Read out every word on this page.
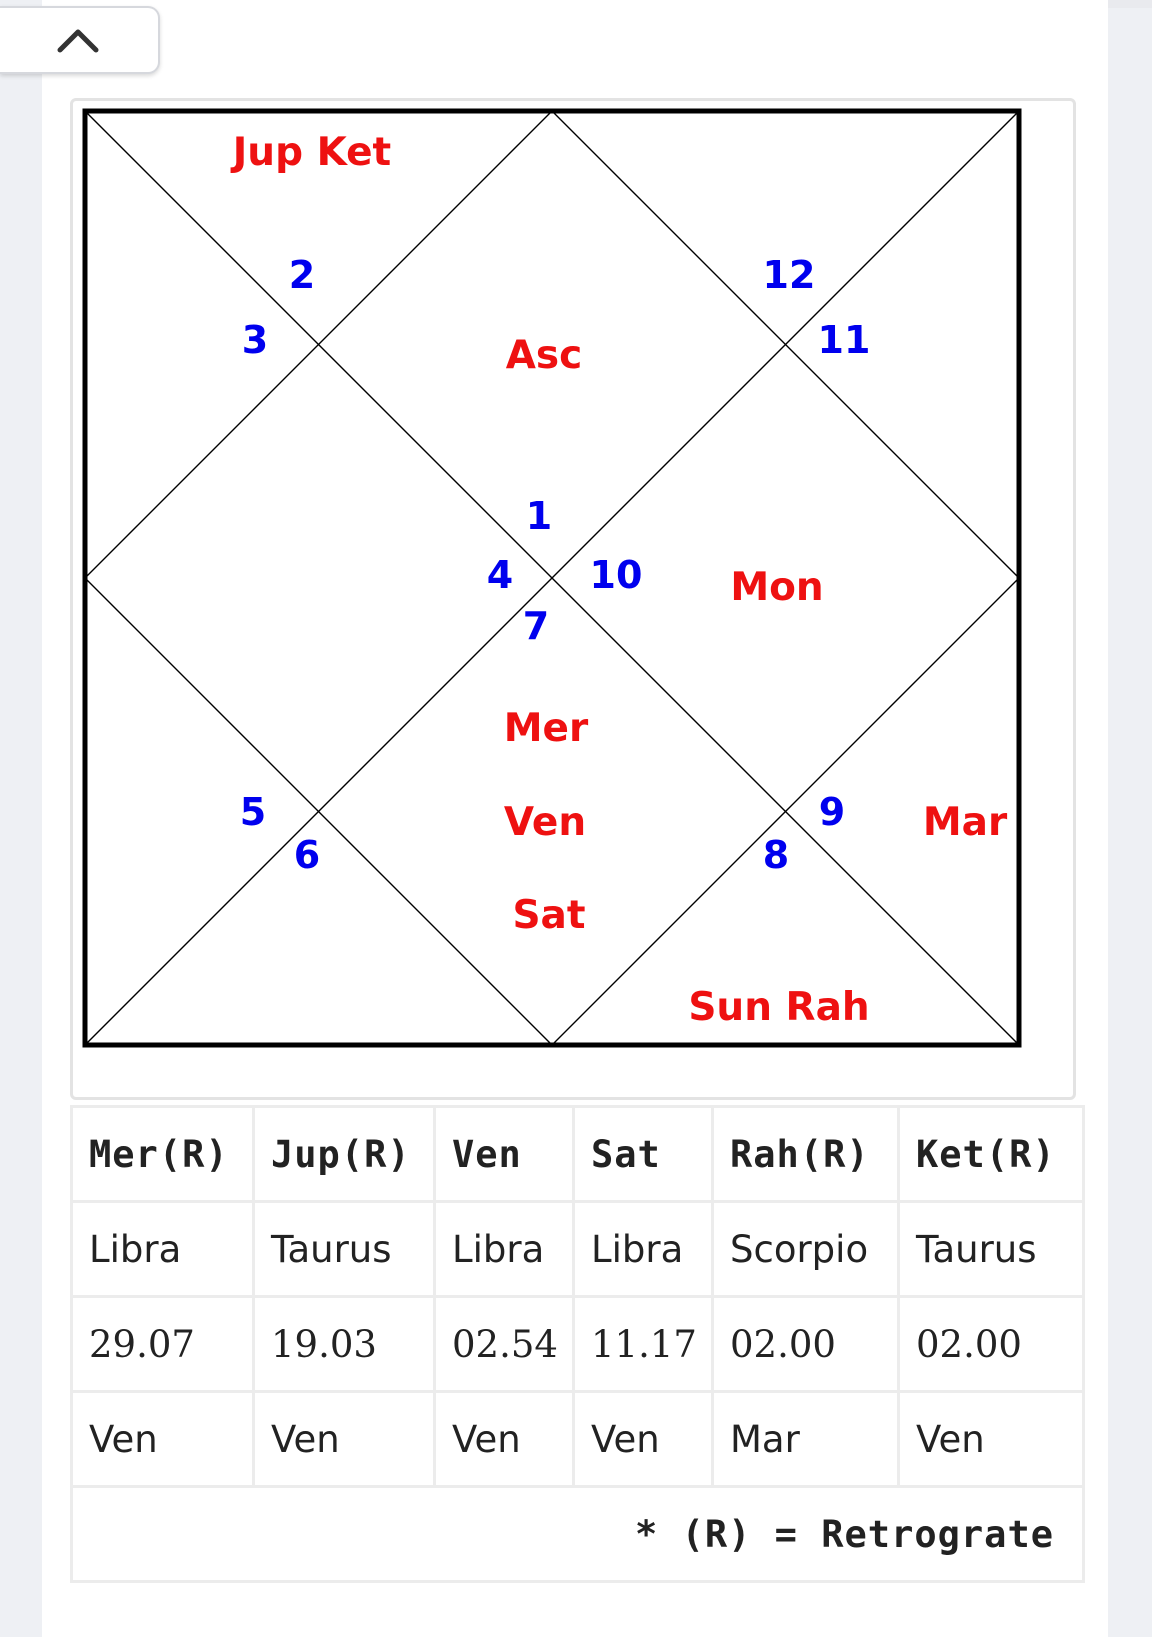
2
3
12
11
1
4 10
7
5
6
9
8
Jup Ket
Asc
Mon
Mer
Ven
Sat
Mar
Sun Rah
Mer(R)	Jup(R)	Ven	Sat	Rah(R)	Ket(R)
Libra	Taurus	Libra	Libra	Scorpio	Taurus
29.07	19.03	02.54	11.17	02.00	02.00
Ven	Ven	Ven	Ven	Mar	Ven
* (R) = Retrograte					
